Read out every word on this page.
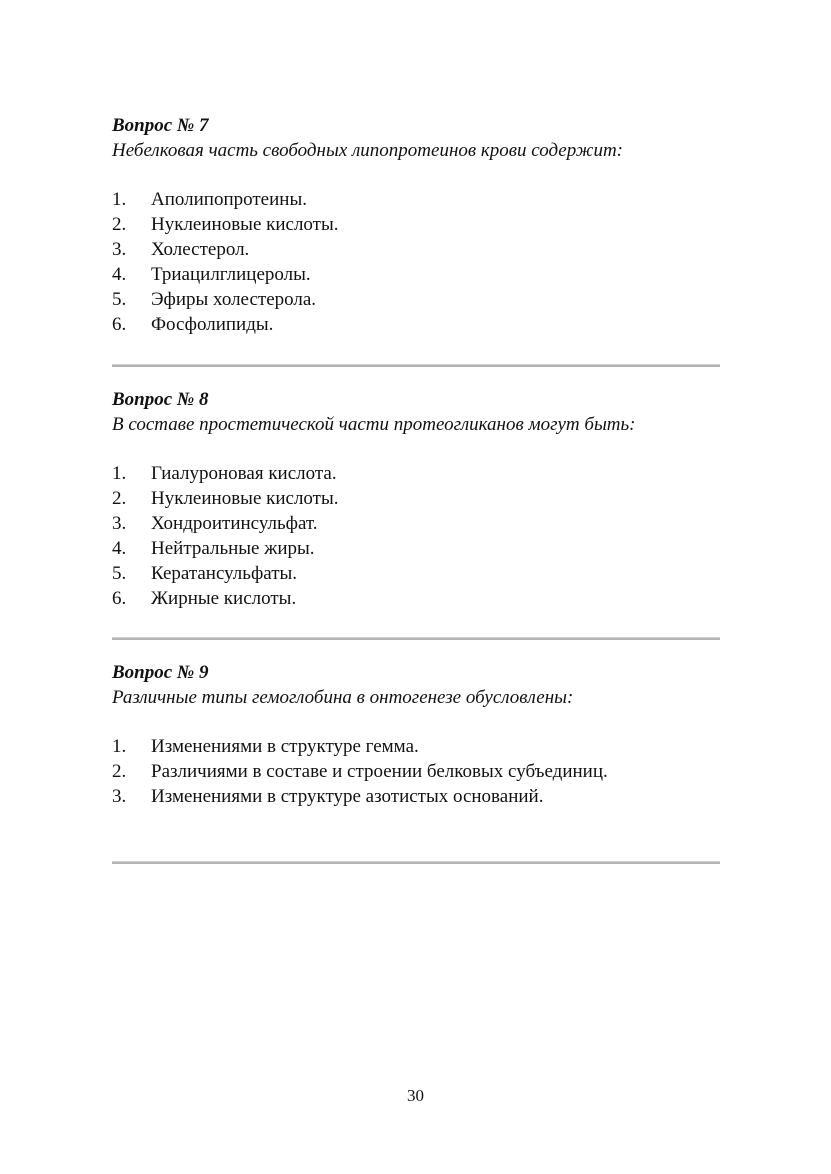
Вопрос № 7

Небелковая часть свободных липопротеинов крови содержит:

1.	Аполипопротеины.
2.	Нуклеиновые кислоты.
3.	Холестерол.
4.	Триацилглицеролы.
5.	Эфиры холестерола.
6.	Фосфолипиды.

Вопрос № 8

В составе простетической части протеогликанов могут быть:

1.	Гиалуроновая кислота.
2.	Нуклеиновые кислоты.
3.	Хондроитинсульфат.
4.	Нейтральные жиры.
5.	Кератансульфаты.
6.	Жирные кислоты.

Вопрос № 9

Различные типы гемоглобина в онтогенезе обусловлены:

1.	Изменениями в структуре гемма.
2.	Различиями в составе и строении белковых субъединиц.
3.	Изменениями в структуре азотистых оснований.
30
